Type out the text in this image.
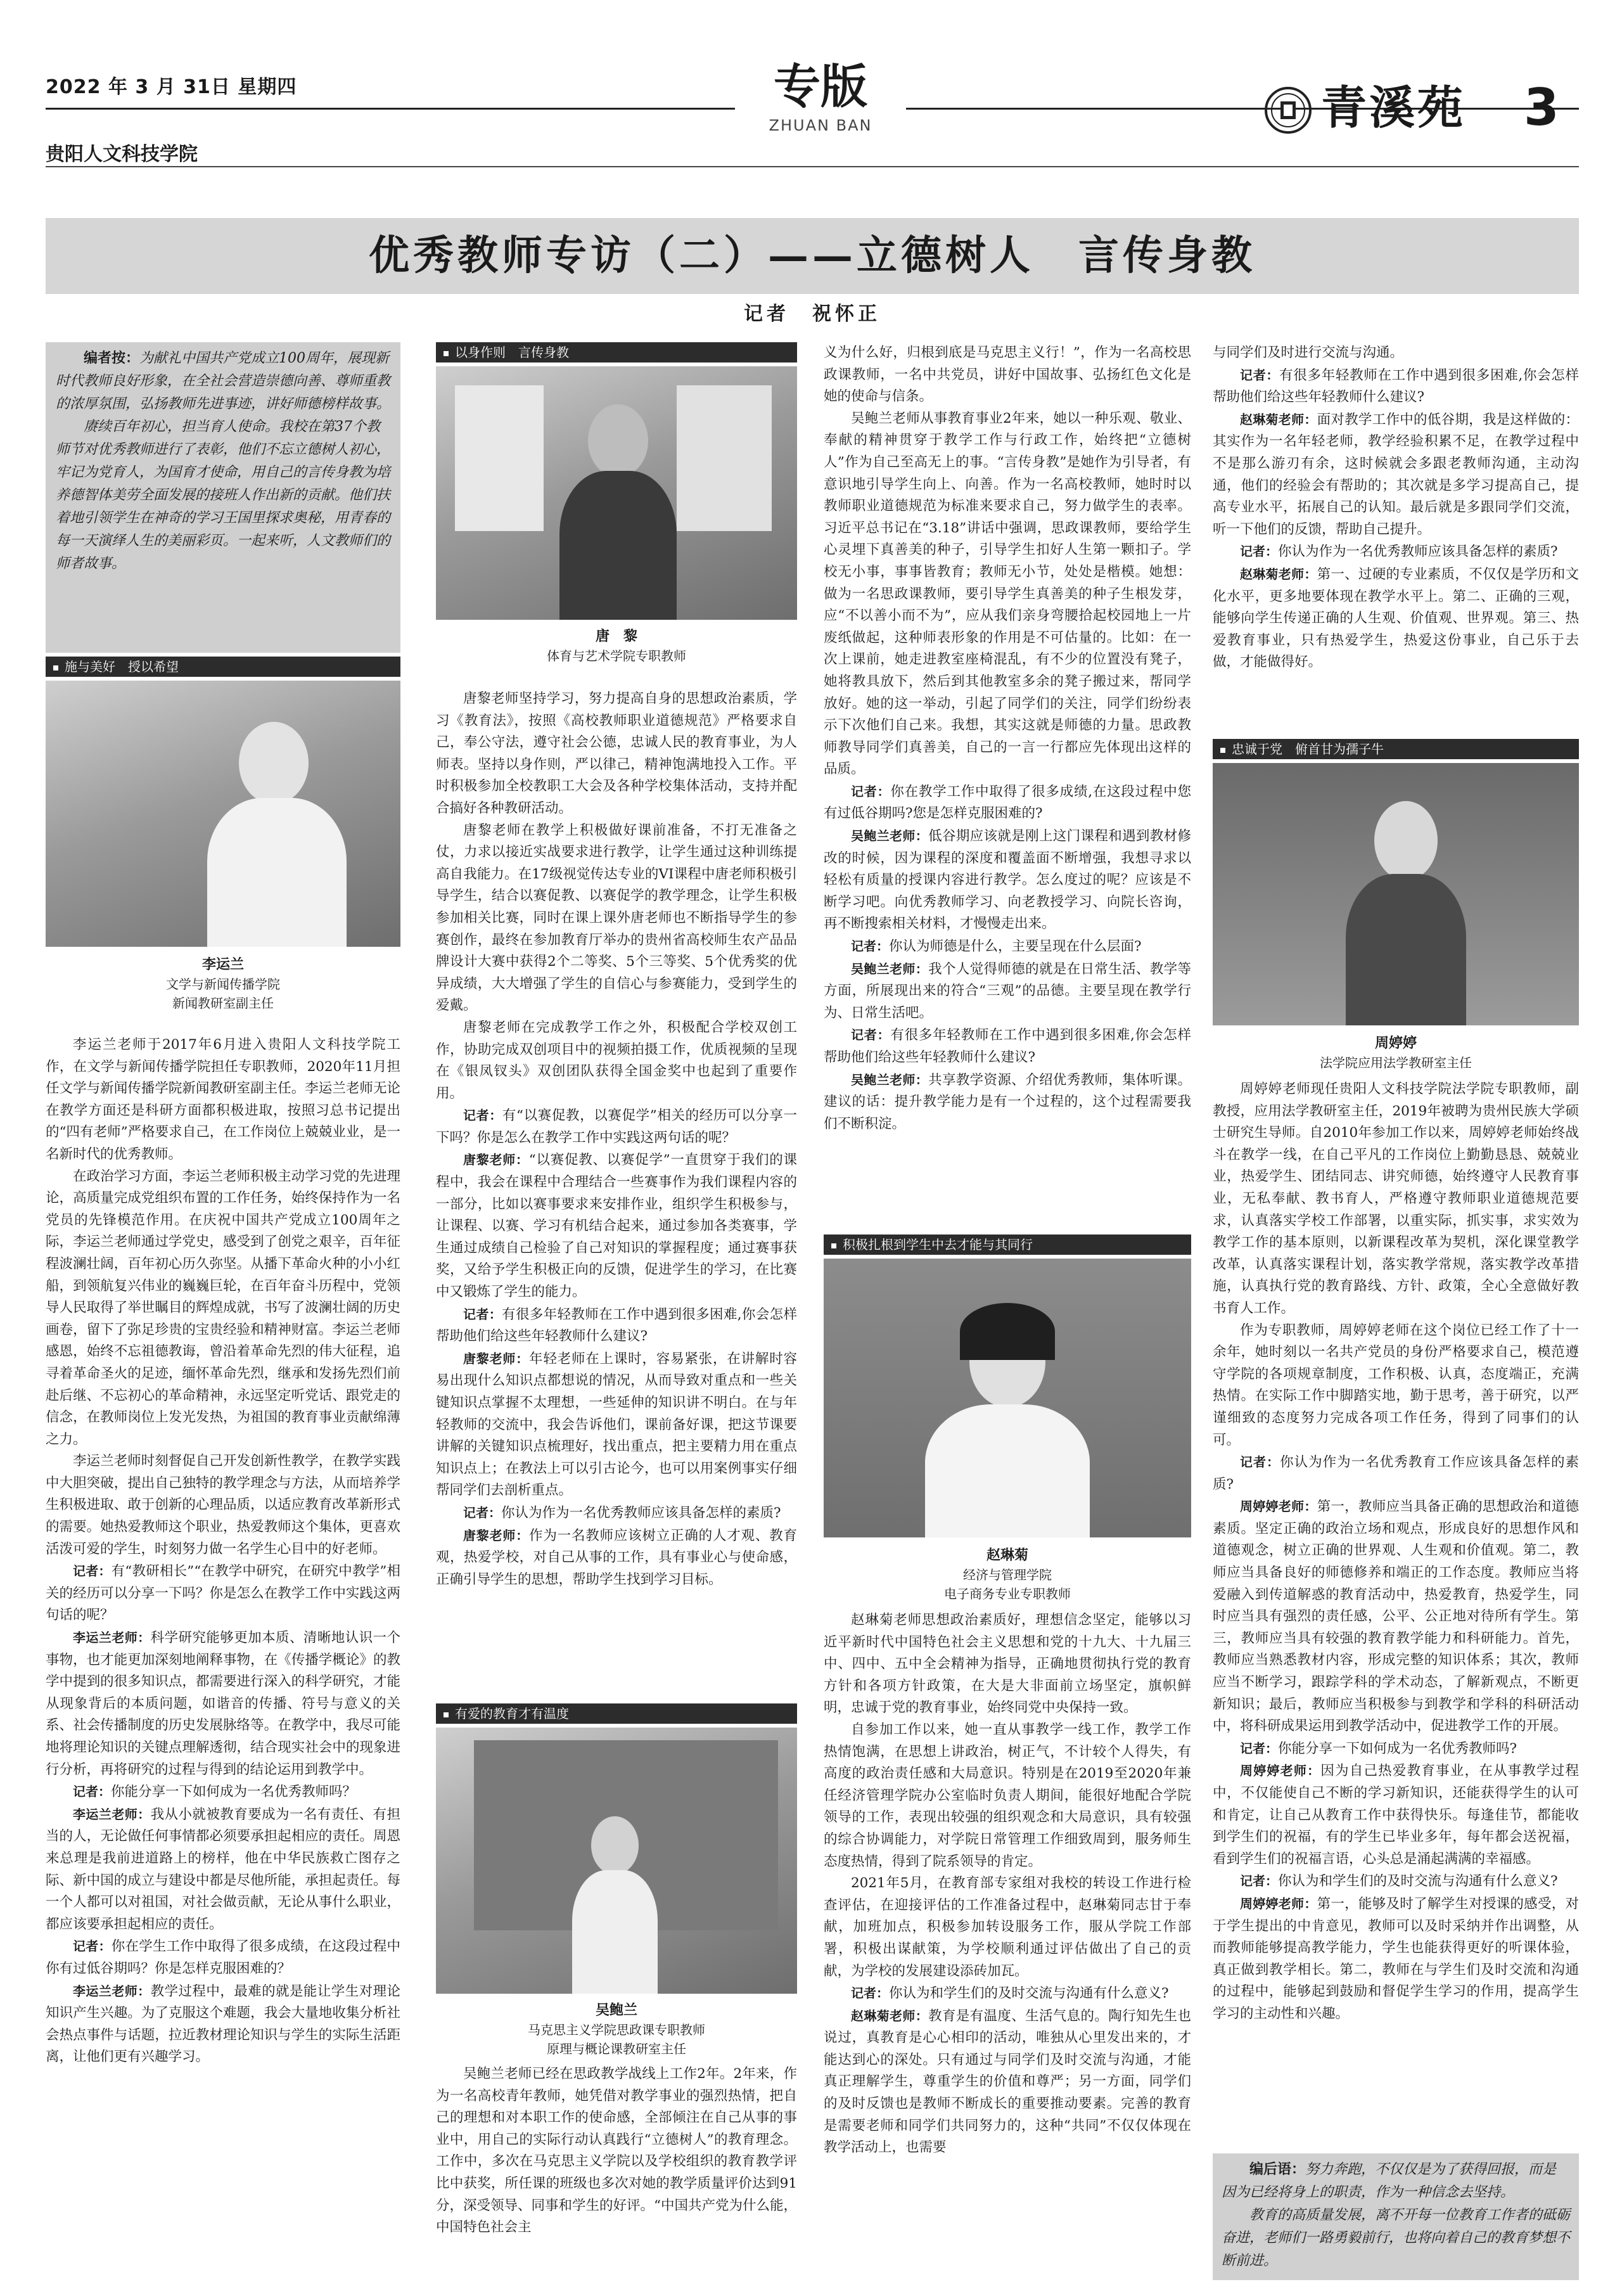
2022 年 3 月 31日 星期四
贵阳人文科技学院
专版
ZHUAN BAN	青溪苑 3
优秀教师专访（二）——立德树人　言传身教
记者　祝怀正

编者按：为献礼中国共产党成立100周年，展现新时代教师良好形象，在全社会营造崇德向善、尊师重教的浓厚氛围，弘扬教师先进事迹，讲好师德榜样故事。

赓续百年初心，担当育人使命。我校在第37个教师节对优秀教师进行了表彰，他们不忘立德树人初心，牢记为党育人，为国育才使命，用自己的言传身教为培养德智体美劳全面发展的接班人作出新的贡献。他们扶着地引领学生在神奇的学习王国里探求奥秘，用青春的每一天演绎人生的美丽彩页。一起来听，人文教师们的师者故事。

施与美好　授以希望
李运兰
文学与新闻传播学院
新闻教研室副主任

李运兰老师于2017年6月进入贵阳人文科技学院工作，在文学与新闻传播学院担任专职教师，2020年11月担任文学与新闻传播学院新闻教研室副主任。李运兰老师无论在教学方面还是科研方面都积极进取，按照习总书记提出的“四有老师”严格要求自己，在工作岗位上兢兢业业，是一名新时代的优秀教师。

在政治学习方面，李运兰老师积极主动学习党的先进理论，高质量完成党组织布置的工作任务，始终保持作为一名党员的先锋模范作用。在庆祝中国共产党成立100周年之际，李运兰老师通过学党史，感受到了创党之艰辛，百年征程波澜壮阔，百年初心历久弥坚。从播下革命火种的小小红船，到领航复兴伟业的巍巍巨轮，在百年奋斗历程中，党领导人民取得了举世瞩目的辉煌成就，书写了波澜壮阔的历史画卷，留下了弥足珍贵的宝贵经验和精神财富。李运兰老师感恩，始终不忘祖德教诲，曾沿着革命先烈的伟大征程，追寻着革命圣火的足迹，缅怀革命先烈，继承和发扬先烈们前赴后继、不忘初心的革命精神，永远坚定听党话、跟党走的信念，在教师岗位上发光发热，为祖国的教育事业贡献绵薄之力。

李运兰老师时刻督促自己开发创新性教学，在教学实践中大胆突破，提出自己独特的教学理念与方法，从而培养学生积极进取、敢于创新的心理品质，以适应教育改革新形式的需要。她热爱教师这个职业，热爱教师这个集体，更喜欢活泼可爱的学生，时刻努力做一名学生心目中的好老师。

记者：有“教研相长”“在教学中研究，在研究中教学”相关的经历可以分享一下吗？你是怎么在教学工作中实践这两句话的呢？

李运兰老师：科学研究能够更加本质、清晰地认识一个事物，也才能更加深刻地阐释事物，在《传播学概论》的教学中提到的很多知识点，都需要进行深入的科学研究，才能从现象背后的本质问题，如谐音的传播、符号与意义的关系、社会传播制度的历史发展脉络等。在教学中，我尽可能地将理论知识的关键点理解透彻，结合现实社会中的现象进行分析，再将研究的过程与得到的结论运用到教学中。

记者：你能分享一下如何成为一名优秀教师吗？

李运兰老师：我从小就被教育要成为一名有责任、有担当的人，无论做任何事情都必须要承担起相应的责任。周恩来总理是我前进道路上的榜样，他在中华民族救亡图存之际、新中国的成立与建设中都是尽他所能，承担起责任。每一个人都可以对祖国，对社会做贡献，无论从事什么职业，都应该要承担起相应的责任。

记者：你在学生工作中取得了很多成绩，在这段过程中你有过低谷期吗？你是怎样克服困难的？

李运兰老师：教学过程中，最难的就是能让学生对理论知识产生兴趣。为了克服这个难题，我会大量地收集分析社会热点事件与话题，拉近教材理论知识与学生的实际生活距离，让他们更有兴趣学习。

以身作则　言传身教
唐　黎
体育与艺术学院专职教师

唐黎老师坚持学习，努力提高自身的思想政治素质，学习《教育法》，按照《高校教师职业道德规范》严格要求自己，奉公守法，遵守社会公德，忠诚人民的教育事业，为人师表。坚持以身作则，严以律己，精神饱满地投入工作。平时积极参加全校教职工大会及各种学校集体活动，支持并配合搞好各种教研活动。

唐黎老师在教学上积极做好课前准备，不打无准备之仗，力求以接近实战要求进行教学，让学生通过这种训练提高自我能力。在17级视觉传达专业的VI课程中唐老师积极引导学生，结合以赛促教、以赛促学的教学理念，让学生积极参加相关比赛，同时在课上课外唐老师也不断指导学生的参赛创作，最终在参加教育厅举办的贵州省高校师生农产品品牌设计大赛中获得2个二等奖、5个三等奖、5个优秀奖的优异成绩，大大增强了学生的自信心与参赛能力，受到学生的爱戴。

唐黎老师在完成教学工作之外，积极配合学校双创工作，协助完成双创项目中的视频拍摄工作，优质视频的呈现在《银凤钗头》双创团队获得全国金奖中也起到了重要作用。

记者：有“以赛促教，以赛促学”相关的经历可以分享一下吗？你是怎么在教学工作中实践这两句话的呢？

唐黎老师：“以赛促教、以赛促学”一直贯穿于我们的课程中，我会在课程中合理结合一些赛事作为我们课程内容的一部分，比如以赛事要求来安排作业，组织学生积极参与，让课程、以赛、学习有机结合起来，通过参加各类赛事，学生通过成绩自己检验了自己对知识的掌握程度；通过赛事获奖，又给予学生积极正向的反馈，促进学生的学习，在比赛中又锻炼了学生的能力。

记者：有很多年轻教师在工作中遇到很多困难,你会怎样帮助他们给这些年轻教师什么建议?

唐黎老师：年轻老师在上课时，容易紧张，在讲解时容易出现什么知识点都想说的情况，从而导致对重点和一些关键知识点掌握不太理想，一些延伸的知识讲不明白。在与年轻教师的交流中，我会告诉他们，课前备好课，把这节课要讲解的关键知识点梳理好，找出重点，把主要精力用在重点知识点上；在教法上可以引古论今，也可以用案例事实仔细帮同学们去剖析重点。

记者：你认为作为一名优秀教师应该具备怎样的素质?

唐黎老师：作为一名教师应该树立正确的人才观、教育观，热爱学校，对自己从事的工作，具有事业心与使命感，正确引导学生的思想，帮助学生找到学习目标。

有爱的教育才有温度
吴鲍兰
马克思主义学院思政课专职教师
原理与概论课教研室主任

吴鲍兰老师已经在思政教学战线上工作2年。2年来，作为一名高校青年教师，她凭借对教学事业的强烈热情，把自己的理想和对本职工作的使命感，全部倾注在自己从事的事业中，用自己的实际行动认真践行“立德树人”的教育理念。工作中，多次在马克思主义学院以及学校组织的教育教学评比中获奖，所任课的班级也多次对她的教学质量评价达到91分，深受领导、同事和学生的好评。“中国共产党为什么能，中国特色社会主

义为什么好，归根到底是马克思主义行！”，作为一名高校思政课教师，一名中共党员，讲好中国故事、弘扬红色文化是她的使命与信条。

吴鲍兰老师从事教育事业2年来，她以一种乐观、敬业、奉献的精神贯穿于教学工作与行政工作，始终把“立德树人”作为自己至高无上的事。“言传身教”是她作为引导者，有意识地引导学生向上、向善。作为一名高校教师，她时时以教师职业道德规范为标准来要求自己，努力做学生的表率。习近平总书记在“3.18”讲话中强调，思政课教师，要给学生心灵埋下真善美的种子，引导学生扣好人生第一颗扣子。学校无小事，事事皆教育；教师无小节，处处是楷模。她想：做为一名思政课教师，要引导学生真善美的种子生根发芽，应“不以善小而不为”，应从我们亲身弯腰拾起校园地上一片废纸做起，这种师表形象的作用是不可估量的。比如：在一次上课前，她走进教室座椅混乱，有不少的位置没有凳子，她将教具放下，然后到其他教室多余的凳子搬过来，帮同学放好。她的这一举动，引起了同学们的关注，同学们纷纷表示下次他们自己来。我想，其实这就是师德的力量。思政教师教导同学们真善美，自己的一言一行都应先体现出这样的品质。

记者：你在教学工作中取得了很多成绩,在这段过程中您有过低谷期吗?您是怎样克服困难的?

吴鲍兰老师：低谷期应该就是刚上这门课程和遇到教材修改的时候，因为课程的深度和覆盖面不断增强，我想寻求以轻松有质量的授课内容进行教学。怎么度过的呢？应该是不断学习吧。向优秀教师学习、向老教授学习、向院长咨询，再不断搜索相关材料，才慢慢走出来。

记者：你认为师德是什么，主要呈现在什么层面?

吴鲍兰老师：我个人觉得师德的就是在日常生活、教学等方面，所展现出来的符合“三观”的品德。主要呈现在教学行为、日常生活吧。

记者：有很多年轻教师在工作中遇到很多困难,你会怎样帮助他们给这些年轻教师什么建议?

吴鲍兰老师：共享教学资源、介绍优秀教师，集体听课。建议的话：提升教学能力是有一个过程的，这个过程需要我们不断积淀。

积极扎根到学生中去才能与其同行
赵琳菊
经济与管理学院
电子商务专业专职教师

赵琳菊老师思想政治素质好，理想信念坚定，能够以习近平新时代中国特色社会主义思想和党的十九大、十九届三中、四中、五中全会精神为指导，正确地贯彻执行党的教育方针和各项方针政策，在大是大非面前立场坚定，旗帜鲜明，忠诚于党的教育事业，始终同党中央保持一致。

自参加工作以来，她一直从事教学一线工作，教学工作热情饱满，在思想上讲政治，树正气，不计较个人得失，有高度的政治责任感和大局意识。特别是在2019至2020年兼任经济管理学院办公室临时负责人期间，能很好地配合学院领导的工作，表现出较强的组织观念和大局意识，具有较强的综合协调能力，对学院日常管理工作细致周到，服务师生态度热情，得到了院系领导的肯定。

2021年5月，在教育部专家组对我校的转设工作进行检查评估，在迎接评估的工作准备过程中，赵琳菊同志甘于奉献，加班加点，积极参加转设服务工作，服从学院工作部署，积极出谋献策，为学校顺利通过评估做出了自己的贡献，为学校的发展建设添砖加瓦。

记者：你认为和学生们的及时交流与沟通有什么意义?

赵琳菊老师：教育是有温度、生活气息的。陶行知先生也说过，真教育是心心相印的活动，唯独从心里发出来的，才能达到心的深处。只有通过与同学们及时交流与沟通，才能真正理解学生，尊重学生的价值和尊严；另一方面，同学们的及时反馈也是教师不断成长的重要推动要素。完善的教育是需要老师和同学们共同努力的，这种“共同”不仅仅体现在教学活动上，也需要

与同学们及时进行交流与沟通。

记者：有很多年轻教师在工作中遇到很多困难,你会怎样帮助他们给这些年轻教师什么建议?

赵琳菊老师：面对教学工作中的低谷期，我是这样做的：其实作为一名年轻老师，教学经验积累不足，在教学过程中不是那么游刃有余，这时候就会多跟老教师沟通，主动沟通，他们的经验会有帮助的；其次就是多学习提高自己，提高专业水平，拓展自己的认知。最后就是多跟同学们交流，听一下他们的反馈，帮助自己提升。

记者：你认为作为一名优秀教师应该具备怎样的素质?

赵琳菊老师：第一、过硬的专业素质，不仅仅是学历和文化水平，更多地要体现在教学水平上。第二、正确的三观，能够向学生传递正确的人生观、价值观、世界观。第三、热爱教育事业，只有热爱学生，热爱这份事业，自己乐于去做，才能做得好。

忠诚于党　俯首甘为孺子牛
周婷婷
法学院应用法学教研室主任

周婷婷老师现任贵阳人文科技学院法学院专职教师，副教授，应用法学教研室主任，2019年被聘为贵州民族大学硕士研究生导师。自2010年参加工作以来，周婷婷老师始终战斗在教学一线，在自己平凡的工作岗位上勤勤恳恳、兢兢业业，热爱学生、团结同志、讲究师德，始终遵守人民教育事业，无私奉献、教书育人，严格遵守教师职业道德规范要求，认真落实学校工作部署，以重实际，抓实事，求实效为教学工作的基本原则，以新课程改革为契机，深化课堂教学改革，认真落实课程计划，落实教学常规，落实教学改革措施，认真执行党的教育路线、方针、政策，全心全意做好教书育人工作。

作为专职教师，周婷婷老师在这个岗位已经工作了十一余年，她时刻以一名共产党员的身份严格要求自己，模范遵守学院的各项规章制度，工作积极、认真，态度端正，充满热情。在实际工作中脚踏实地，勤于思考，善于研究，以严谨细致的态度努力完成各项工作任务，得到了同事们的认可。

记者：你认为作为一名优秀教育工作应该具备怎样的素质?

周婷婷老师：第一，教师应当具备正确的思想政治和道德素质。坚定正确的政治立场和观点，形成良好的思想作风和道德观念，树立正确的世界观、人生观和价值观。第二，教师应当具备良好的师德修养和端正的工作态度。教师应当将爱融入到传道解惑的教育活动中，热爱教育，热爱学生，同时应当具有强烈的责任感，公平、公正地对待所有学生。第三，教师应当具有较强的教育教学能力和科研能力。首先，教师应当熟悉教材内容，形成完整的知识体系；其次，教师应当不断学习，跟踪学科的学术动态，了解新观点，不断更新知识；最后，教师应当积极参与到教学和学科的科研活动中，将科研成果运用到教学活动中，促进教学工作的开展。

记者：你能分享一下如何成为一名优秀教师吗?

周婷婷老师：因为自己热爱教育事业，在从事教学过程中，不仅能使自己不断的学习新知识，还能获得学生的认可和肯定，让自己从教育工作中获得快乐。每逢佳节，都能收到学生们的祝福，有的学生已毕业多年，每年都会送祝福，看到学生们的祝福言语，心头总是涌起满满的幸福感。

记者：你认为和学生们的及时交流与沟通有什么意义?

周婷婷老师：第一，能够及时了解学生对授课的感受，对于学生提出的中肯意见，教师可以及时采纳并作出调整，从而教师能够提高教学能力，学生也能获得更好的听课体验，真正做到教学相长。第二，教师在与学生们及时交流和沟通的过程中，能够起到鼓励和督促学生学习的作用，提高学生学习的主动性和兴趣。

编后语：努力奔跑，不仅仅是为了获得回报，而是因为已经将身上的职责，作为一种信念去坚持。

教育的高质量发展，离不开每一位教育工作者的砥砺奋进，老师们一路勇毅前行，也将向着自己的教育梦想不断前进。
